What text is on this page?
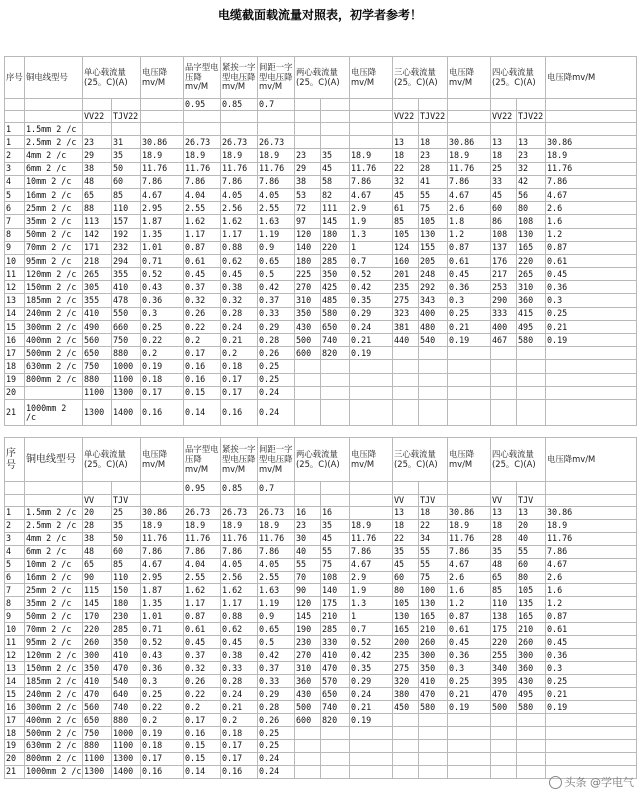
电缆截面载流量对照表，初学者参考！
序号	铜电线型号	单心载流量(25。C)(A)		电压降mv/M	品字型电压降mv/M	紧挨一字型电压降mv/M	间距一字型电压降mv/M	两心载流量(25。C)(A)		电压降mv/M	三心载流量(25。C)(A)		电压降mv/M	四心载流量(25。C)(A)		电压降mv/M
					0.95	0.85	0.7									
		VV22	TJV22								VV22	TJV22		VV22	TJV22	
1	1.5mm 2 /c															
1	2.5mm 2 /c	23	31	30.86	26.73	26.73	26.73				13	18	30.86	13	13	30.86
2	4mm 2 /c	29	35	18.9	18.9	18.9	18.9	23	35	18.9	18	23	18.9	18	23	18.9
3	6mm 2 /c	38	50	11.76	11.76	11.76	11.76	29	45	11.76	22	28	11.76	25	32	11.76
4	10mm 2 /c	48	60	7.86	7.86	7.86	7.86	38	58	7.86	32	41	7.86	33	42	7.86
5	16mm 2 /c	65	85	4.67	4.04	4.05	4.05	53	82	4.67	45	55	4.67	45	56	4.67
6	25mm 2 /c	88	110	2.95	2.55	2.56	2.55	72	111	2.9	61	75	2.6	60	80	2.6
7	35mm 2 /c	113	157	1.87	1.62	1.62	1.63	97	145	1.9	85	105	1.8	86	108	1.6
8	50mm 2 /c	142	192	1.35	1.17	1.17	1.19	120	180	1.3	105	130	1.2	108	130	1.2
9	70mm 2 /c	171	232	1.01	0.87	0.88	0.9	140	220	1	124	155	0.87	137	165	0.87
10	95mm 2 /c	218	294	0.71	0.61	0.62	0.65	180	285	0.7	160	205	0.61	176	220	0.61
11	120mm 2 /c	265	355	0.52	0.45	0.45	0.5	225	350	0.52	201	248	0.45	217	265	0.45
12	150mm 2 /c	305	410	0.43	0.37	0.38	0.42	270	425	0.42	235	292	0.36	253	310	0.36
13	185mm 2 /c	355	478	0.36	0.32	0.32	0.37	310	485	0.35	275	343	0.3	290	360	0.3
14	240mm 2 /c	410	550	0.3	0.26	0.28	0.33	350	580	0.29	323	400	0.25	333	415	0.25
15	300mm 2 /c	490	660	0.25	0.22	0.24	0.29	430	650	0.24	381	480	0.21	400	495	0.21
16	400mm 2 /c	560	750	0.22	0.2	0.21	0.28	500	740	0.21	440	540	0.19	467	580	0.19
17	500mm 2 /c	650	880	0.2	0.17	0.2	0.26	600	820	0.19						
18	630mm 2 /c	750	1000	0.19	0.16	0.18	0.25									
19	800mm 2 /c	880	1100	0.18	0.16	0.17	0.25									
20		1100	1300	0.17	0.15	0.17	0.24									
21	1000mm 2 /c	1300	1400	0.16	0.14	0.16	0.24									
序号	铜电线型号	单心载流量(25。C)(A)		电压降mv/M	品字型电压降mv/M	紧挨一字型电压降mv/M	间距一字型电压降mv/M	两心载流量(25。C)(A)		电压降mv/M	三心载流量(25。C)(A)		电压降mv/M	四心载流量(25。C)(A)		电压降mv/M
					0.95	0.85	0.7									
		VV	TJV								VV	TJV		VV	TJV	
1	1.5mm 2 /c	20	25	30.86	26.73	26.73	26.73	16	16		13	18	30.86	13	13	30.86
2	2.5mm 2 /c	28	35	18.9	18.9	18.9	18.9	23	35	18.9	18	22	18.9	18	20	18.9
3	4mm 2 /c	38	50	11.76	11.76	11.76	11.76	30	45	11.76	22	34	11.76	28	40	11.76
4	6mm 2 /c	48	60	7.86	7.86	7.86	7.86	40	55	7.86	35	55	7.86	35	55	7.86
5	10mm 2 /c	65	85	4.67	4.04	4.05	4.05	55	75	4.67	45	55	4.67	48	60	4.67
6	16mm 2 /c	90	110	2.95	2.55	2.56	2.55	70	108	2.9	60	75	2.6	65	80	2.6
7	25mm 2 /c	115	150	1.87	1.62	1.62	1.63	90	140	1.9	80	100	1.6	85	105	1.6
8	35mm 2 /c	145	180	1.35	1.17	1.17	1.19	120	175	1.3	105	130	1.2	110	135	1.2
9	50mm 2 /c	170	230	1.01	0.87	0.88	0.9	145	210	1	130	165	0.87	138	165	0.87
10	70mm 2 /c	220	285	0.71	0.61	0.62	0.65	190	285	0.7	165	210	0.61	175	210	0.61
11	95mm 2 /c	260	350	0.52	0.45	0.45	0.5	230	330	0.52	200	260	0.45	220	260	0.45
12	120mm 2 /c	300	410	0.43	0.37	0.38	0.42	270	410	0.42	235	300	0.36	255	300	0.36
13	150mm 2 /c	350	470	0.36	0.32	0.33	0.37	310	470	0.35	275	350	0.3	340	360	0.3
14	185mm 2 /c	410	540	0.3	0.26	0.28	0.33	360	570	0.29	320	410	0.25	395	430	0.25
15	240mm 2 /c	470	640	0.25	0.22	0.24	0.29	430	650	0.24	380	470	0.21	470	495	0.21
16	300mm 2 /c	560	740	0.22	0.2	0.21	0.28	500	740	0.21	450	580	0.19	500	580	0.19
17	400mm 2 /c	650	880	0.2	0.17	0.2	0.26	600	820	0.19						
18	500mm 2 /c	750	1000	0.19	0.16	0.18	0.25									
19	630mm 2 /c	880	1100	0.18	0.15	0.17	0.25									
20	800mm 2 /c	1100	1300	0.17	0.15	0.17	0.24									
21	1000mm 2 /c	1300	1400	0.16	0.14	0.16	0.24									
头条 @学电气
